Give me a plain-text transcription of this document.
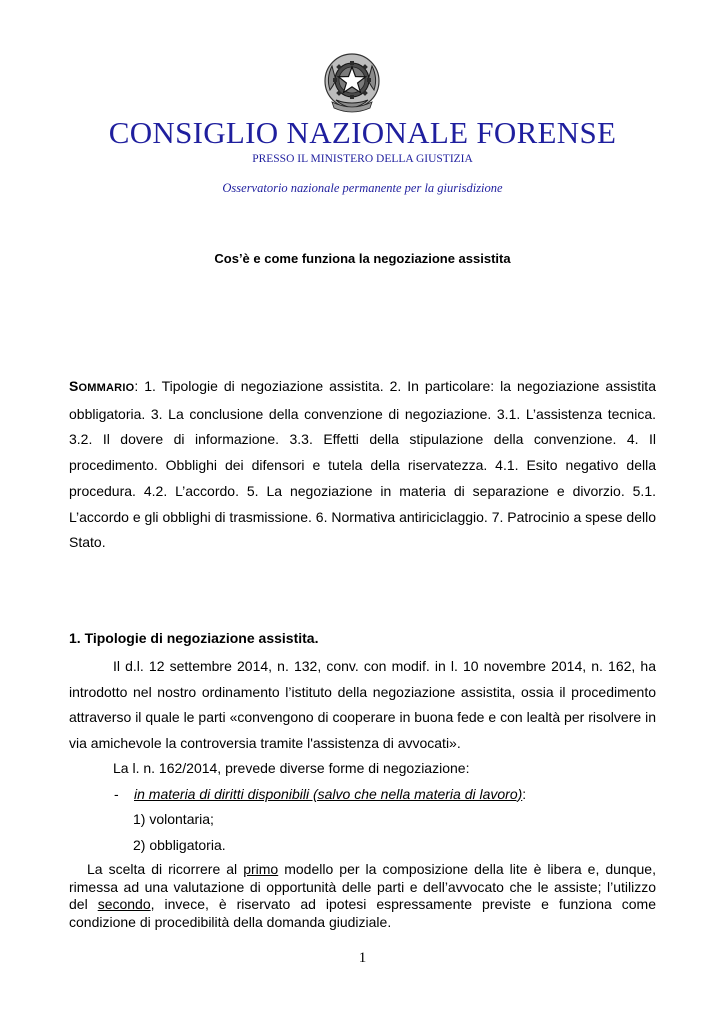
CONSIGLIO NAZIONALE FORENSE
PRESSO IL MINISTERO DELLA GIUSTIZIA
Osservatorio nazionale permanente per la giurisdizione
Cos’è e come funziona la negoziazione assistita

SOMMARIO: 1. Tipologie di negoziazione assistita. 2. In particolare: la negoziazione assistita obbligatoria. 3. La conclusione della convenzione di negoziazione. 3.1. L’assistenza tecnica. 3.2. Il dovere di informazione. 3.3. Effetti della stipulazione della convenzione. 4. Il procedimento. Obblighi dei difensori e tutela della riservatezza. 4.1. Esito negativo della procedura. 4.2. L’accordo. 5. La negoziazione in materia di separazione e divorzio. 5.1. L’accordo e gli obblighi di trasmissione. 6. Normativa antiriciclaggio. 7. Patrocinio a spese dello Stato.

1. Tipologie di negoziazione assistita.

Il d.l. 12 settembre 2014, n. 132, conv. con modif. in l. 10 novembre 2014, n. 162, ha introdotto nel nostro ordinamento l’istituto della negoziazione assistita, ossia il procedimento attraverso il quale le parti «convengono di cooperare in buona fede e con lealtà per risolvere in via amichevole la controversia tramite l'assistenza di avvocati».

La l. n. 162/2014, prevede diverse forme di negoziazione:

-	in materia di diritti disponibili (salvo che nella materia di lavoro):
1) volontaria;
2) obbligatoria.

La scelta di ricorrere al primo modello per la composizione della lite è libera e, dunque, rimessa ad una valutazione di opportunità delle parti e dell’avvocato che le assiste; l’utilizzo del secondo, invece, è riservato ad ipotesi espressamente previste e funziona come condizione di procedibilità della domanda giudiziale.

1
